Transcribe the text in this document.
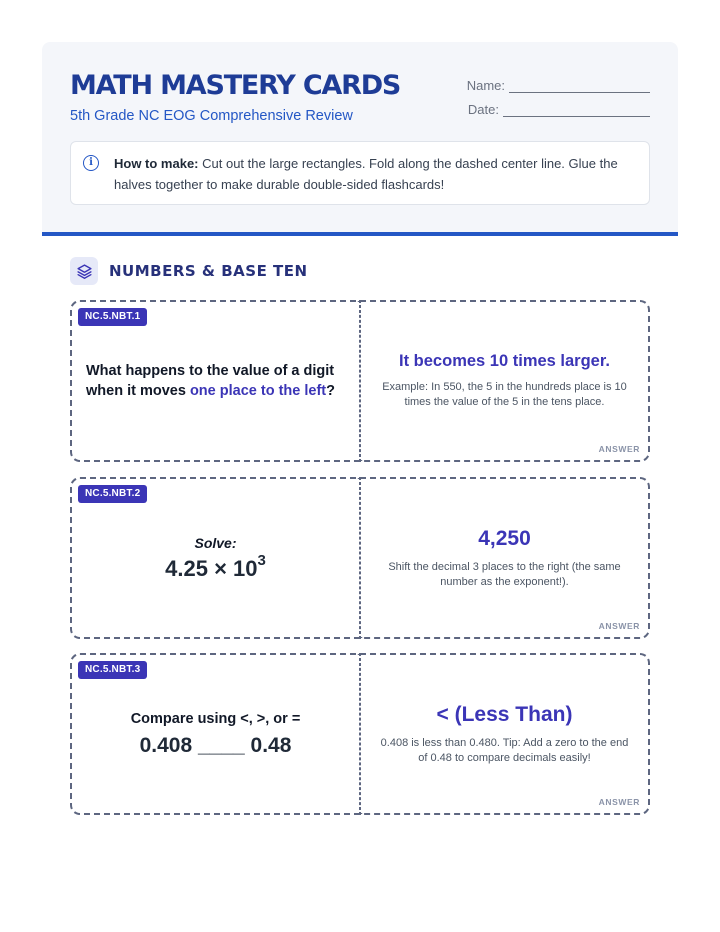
MATH MASTERY CARDS
5th Grade NC EOG Comprehensive Review
Name:
Date:
i	How to make: Cut out the large rectangles. Fold along the dashed center line. Glue the halves together to make durable double-sided flashcards!
NUMBERS & BASE TEN
NC.5.NBT.1
What happens to the value of a digit when it moves one place to the left?
It becomes 10 times larger.
Example: In 550, the 5 in the hundreds place is 10 times the value of the 5 in the tens place.
ANSWER
NC.5.NBT.2
Solve:
$4.25 \times 10^3$
4,250
Shift the decimal 3 places to the right (the same number as the exponent!).
ANSWER
NC.5.NBT.3
Compare using <, >, or =
0.408 ____ 0.48
< (Less Than)
0.408 is less than 0.480. Tip: Add a zero to the end of 0.48 to compare decimals easily!
ANSWER
